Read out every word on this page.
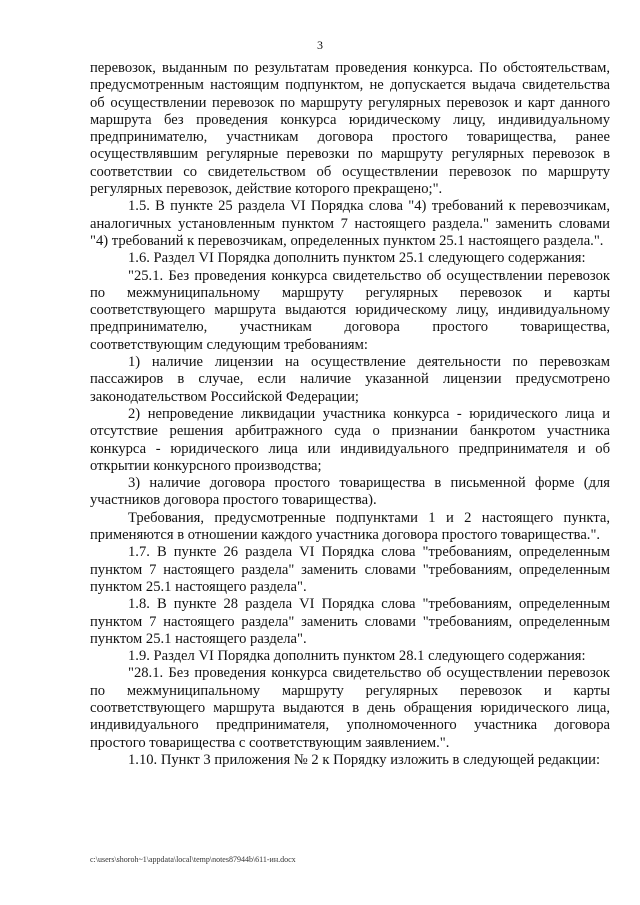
3

перевозок, выданным по результатам проведения конкурса. По обстоятельствам, предусмотренным настоящим подпунктом, не допускается выдача свидетельства об осуществлении перевозок по маршруту регулярных перевозок и карт данного маршрута без проведения конкурса юридическому лицу, индивидуальному предпринимателю, участникам договора простого товарищества, ранее осуществлявшим регулярные перевозки по маршруту регулярных перевозок в соответствии со свидетельством об осуществлении перевозок по маршруту регулярных перевозок, действие которого прекращено;".

1.5. В пункте 25 раздела VI Порядка слова "4) требований к перевозчикам, аналогичных установленным пунктом 7 настоящего раздела." заменить словами "4) требований к перевозчикам, определенных пунктом 25.1 настоящего раздела.".

1.6. Раздел VI Порядка дополнить пунктом 25.1 следующего содержания:

"25.1. Без проведения конкурса свидетельство об осуществлении перевозок по межмуниципальному маршруту регулярных перевозок и карты соответствующего маршрута выдаются юридическому лицу, индивидуальному предпринимателю, участникам договора простого товарищества, соответствующим следующим требованиям:

1) наличие лицензии на осуществление деятельности по перевозкам пассажиров в случае, если наличие указанной лицензии предусмотрено законодательством Российской Федерации;

2) непроведение ликвидации участника конкурса - юридического лица и отсутствие решения арбитражного суда о признании банкротом участника конкурса - юридического лица или индивидуального предпринимателя и об открытии конкурсного производства;

3) наличие договора простого товарищества в письменной форме (для участников договора простого товарищества).

Требования, предусмотренные подпунктами 1 и 2 настоящего пункта, применяются в отношении каждого участника договора простого товарищества.".

1.7. В пункте 26 раздела VI Порядка слова "требованиям, определенным пунктом 7 настоящего раздела" заменить словами "требованиям, определенным пунктом 25.1 настоящего раздела".

1.8. В пункте 28 раздела VI Порядка слова "требованиям, определенным пунктом 7 настоящего раздела" заменить словами "требованиям, определенным пунктом 25.1 настоящего раздела".

1.9. Раздел VI Порядка дополнить пунктом 28.1 следующего содержания:

"28.1. Без проведения конкурса свидетельство об осуществлении перевозок по межмуниципальному маршруту регулярных перевозок и карты соответствующего маршрута выдаются в день обращения юридического лица, индивидуального предпринимателя, уполномоченного участника договора простого товарищества с соответствующим заявлением.".

1.10. Пункт 3 приложения № 2 к Порядку изложить в следующей редакции:

c:\users\shoroh~1\appdata\local\temp\notes87944b\611-ин.docx
